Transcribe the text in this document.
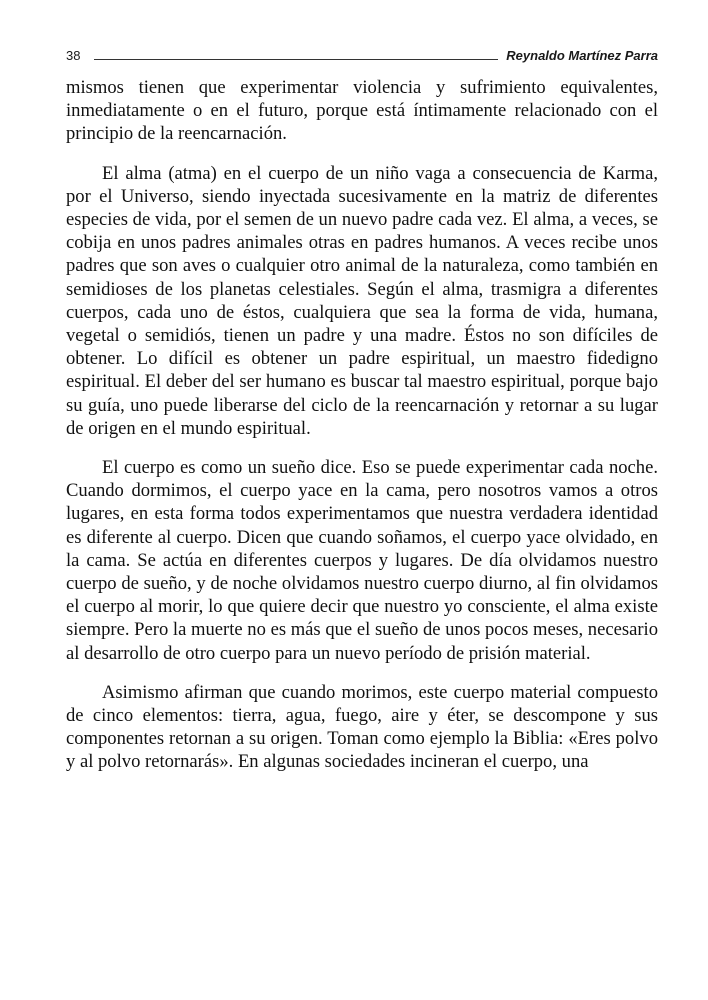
38	Reynaldo Martínez Parra

mismos tienen que experimentar violencia y sufrimiento equivalentes, inmediatamente o en el futuro, porque está íntimamente relacionado con el principio de la reencarnación.

El alma (atma) en el cuerpo de un niño vaga a consecuencia de Karma, por el Universo, siendo inyectada sucesivamente en la matriz de diferentes especies de vida, por el semen de un nuevo padre cada vez. El alma, a veces, se cobija en unos padres animales otras en padres humanos. A veces recibe unos padres que son aves o cualquier otro animal de la naturaleza, como también en semidioses de los planetas celestiales. Según el alma, trasmigra a diferentes cuerpos, cada uno de éstos, cualquiera que sea la forma de vida, humana, vegetal o semidiós, tienen un padre y una madre. Éstos no son difíciles de obtener. Lo difícil es obtener un padre espiritual, un maestro fidedigno espiritual. El deber del ser humano es buscar tal maestro espiritual, porque bajo su guía, uno puede liberarse del ciclo de la reencarnación y retornar a su lugar de origen en el mundo espiritual.

El cuerpo es como un sueño dice. Eso se puede experimentar cada noche. Cuando dormimos, el cuerpo yace en la cama, pero nosotros vamos a otros lugares, en esta forma todos experimentamos que nuestra verdadera identidad es diferente al cuerpo. Dicen que cuando soñamos, el cuerpo yace olvidado, en la cama. Se actúa en diferentes cuerpos y lugares. De día olvidamos nuestro cuerpo de sueño, y de noche olvidamos nuestro cuerpo diurno, al fin olvidamos el cuerpo al morir, lo que quiere decir que nuestro yo consciente, el alma existe siempre. Pero la muerte no es más que el sueño de unos pocos meses, necesario al desarrollo de otro cuerpo para un nuevo período de prisión material.

Asimismo afirman que cuando morimos, este cuerpo material compuesto de cinco elementos: tierra, agua, fuego, aire y éter, se descompone y sus componentes retornan a su origen. Toman como ejemplo la Biblia: «Eres polvo y al polvo retornarás». En algunas sociedades incineran el cuerpo, una
